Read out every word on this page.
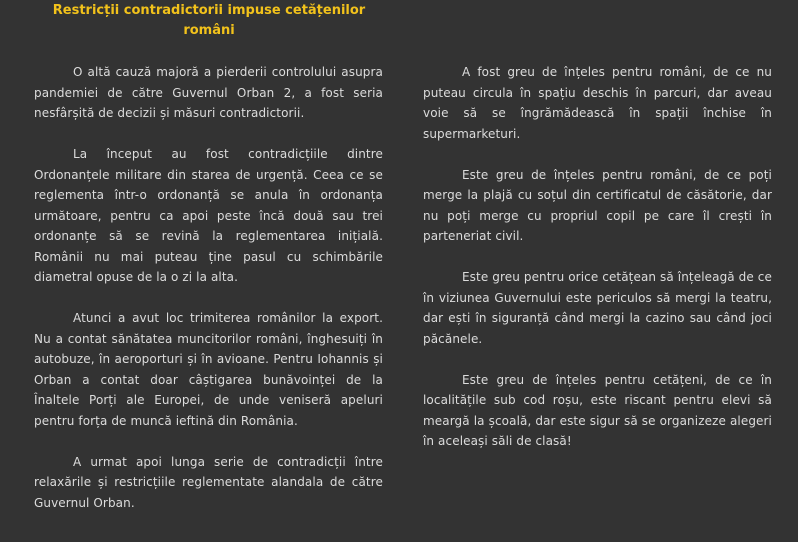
Restricții contradictorii impuse cetățenilor români

O altă cauză majoră a pierderii controlului asupra pandemiei de către Guvernul Orban 2, a fost seria nesfârșită de decizii și măsuri contradictorii.

La început au fost contradicțiile dintre Ordonanțele militare din starea de urgență. Ceea ce se reglementa într-o ordonanță se anula în ordonanța următoare, pentru ca apoi peste încă două sau trei ordonanțe să se revină la reglementarea inițială. Românii nu mai puteau ține pasul cu schimbările diametral opuse de la o zi la alta.

Atunci a avut loc trimiterea românilor la export. Nu a contat sănătatea muncitorilor români, înghesuiți în autobuze, în aeroporturi și în avioane. Pentru Iohannis și Orban a contat doar câștigarea bunăvoinței de la Înaltele Porți ale Europei, de unde veniseră apeluri pentru forța de muncă ieftină din România.

A urmat apoi lunga serie de contradicții între relaxările și restricțiile reglementate alandala de către Guvernul Orban.

A fost greu de înțeles pentru români, de ce nu puteau circula în spațiu deschis în parcuri, dar aveau voie să se îngrămădească în spații închise în supermarketuri.

Este greu de înțeles pentru români, de ce poți merge la plajă cu soțul din certificatul de căsătorie, dar nu poți merge cu propriul copil pe care îl crești în parteneriat civil.

Este greu pentru orice cetățean să înțeleagă de ce în viziunea Guvernului este periculos să mergi la teatru, dar ești în siguranță când mergi la cazino sau când joci păcănele.

Este greu de înțeles pentru cetățeni, de ce în localitățile sub cod roșu, este riscant pentru elevi să meargă la școală, dar este sigur să se organizeze alegeri în aceleași săli de clasă!
